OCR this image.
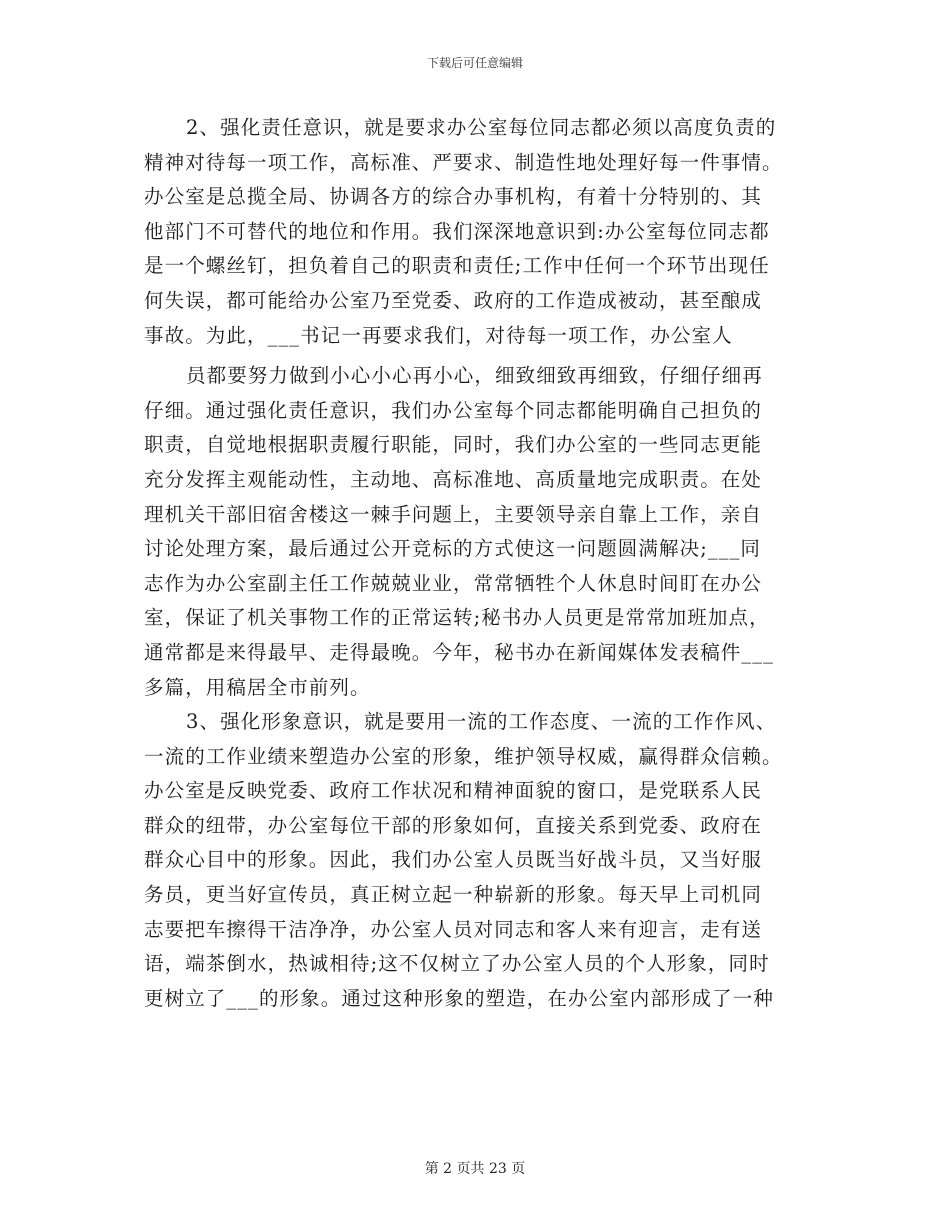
下载后可任意编辑
2、强化责任意识，就是要求办公室每位同志都必须以高度负责的
精神对待每一项工作，高标准、严要求、制造性地处理好每一件事情。
办公室是总揽全局、协调各方的综合办事机构，有着十分特别的、其
他部门不可替代的地位和作用。我们深深地意识到:办公室每位同志都
是一个螺丝钉，担负着自己的职责和责任;工作中任何一个环节出现任
何失误，都可能给办公室乃至党委、政府的工作造成被动，甚至酿成
事故。为此，___书记一再要求我们，对待每一项工作，办公室人
员都要努力做到小心小心再小心，细致细致再细致，仔细仔细再
仔细。通过强化责任意识，我们办公室每个同志都能明确自己担负的
职责，自觉地根据职责履行职能，同时，我们办公室的一些同志更能
充分发挥主观能动性，主动地、高标准地、高质量地完成职责。在处
理机关干部旧宿舍楼这一棘手问题上，主要领导亲自靠上工作，亲自
讨论处理方案，最后通过公开竞标的方式使这一问题圆满解决;___同
志作为办公室副主任工作兢兢业业，常常牺牲个人休息时间盯在办公
室，保证了机关事物工作的正常运转;秘书办人员更是常常加班加点，
通常都是来得最早、走得最晚。今年，秘书办在新闻媒体发表稿件___
多篇，用稿居全市前列。
3、强化形象意识，就是要用一流的工作态度、一流的工作作风、
一流的工作业绩来塑造办公室的形象，维护领导权威，赢得群众信赖。
办公室是反映党委、政府工作状况和精神面貌的窗口，是党联系人民
群众的纽带，办公室每位干部的形象如何，直接关系到党委、政府在
群众心目中的形象。因此，我们办公室人员既当好战斗员，又当好服
务员，更当好宣传员，真正树立起一种崭新的形象。每天早上司机同
志要把车擦得干洁净净，办公室人员对同志和客人来有迎言，走有送
语，端茶倒水，热诚相待;这不仅树立了办公室人员的个人形象，同时
更树立了___的形象。通过这种形象的塑造，在办公室内部形成了一种
第 2 页共 23 页
